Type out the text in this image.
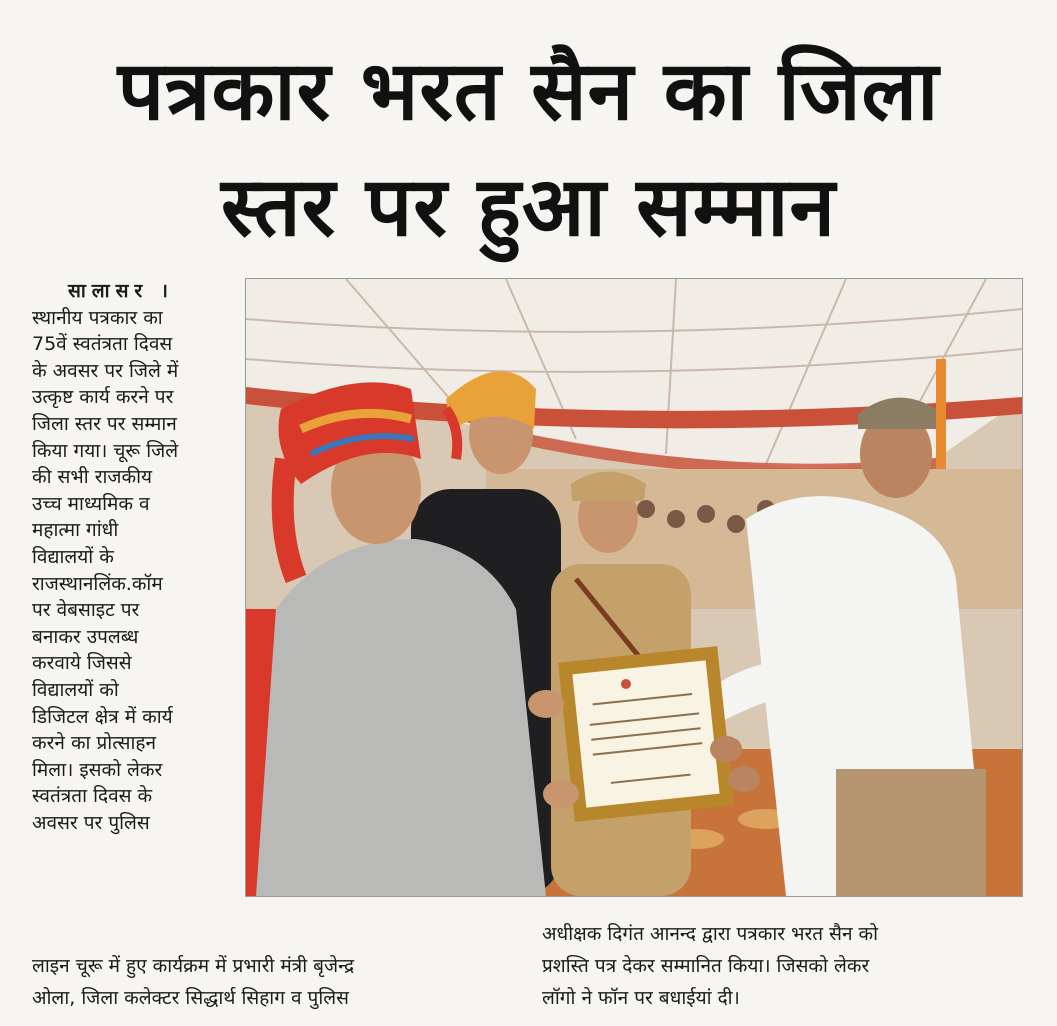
पत्रकार भरत सैन का जिला
स्तर पर हुआ सम्मान
सालासर ।
स्थानीय पत्रकार का
75वें स्वतंत्रता दिवस
के अवसर पर जिले में
उत्कृष्ट कार्य करने पर
जिला स्तर पर सम्मान
किया गया। चूरू जिले
की सभी राजकीय
उच्च माध्यमिक व
महात्मा गांधी
विद्यालयों के
राजस्थानलिंक.कॉम
पर वेबसाइट पर
बनाकर उपलब्ध
करवाये जिससे
विद्यालयों को
डिजिटल क्षेत्र में कार्य
करने का प्रोत्साहन
मिला। इसको लेकर
स्वतंत्रता दिवस के
अवसर पर पुलिस
लाइन चूरू में हुए कार्यक्रम में प्रभारी मंत्री बृजेन्द्र
ओला, जिला कलेक्टर सिद्धार्थ सिहाग व पुलिस
अधीक्षक दिगंत आनन्द द्वारा पत्रकार भरत सैन को
प्रशस्ति पत्र देकर सम्मानित किया। जिसको लेकर
लॉगो ने फॉन पर बधाईयां दी।
